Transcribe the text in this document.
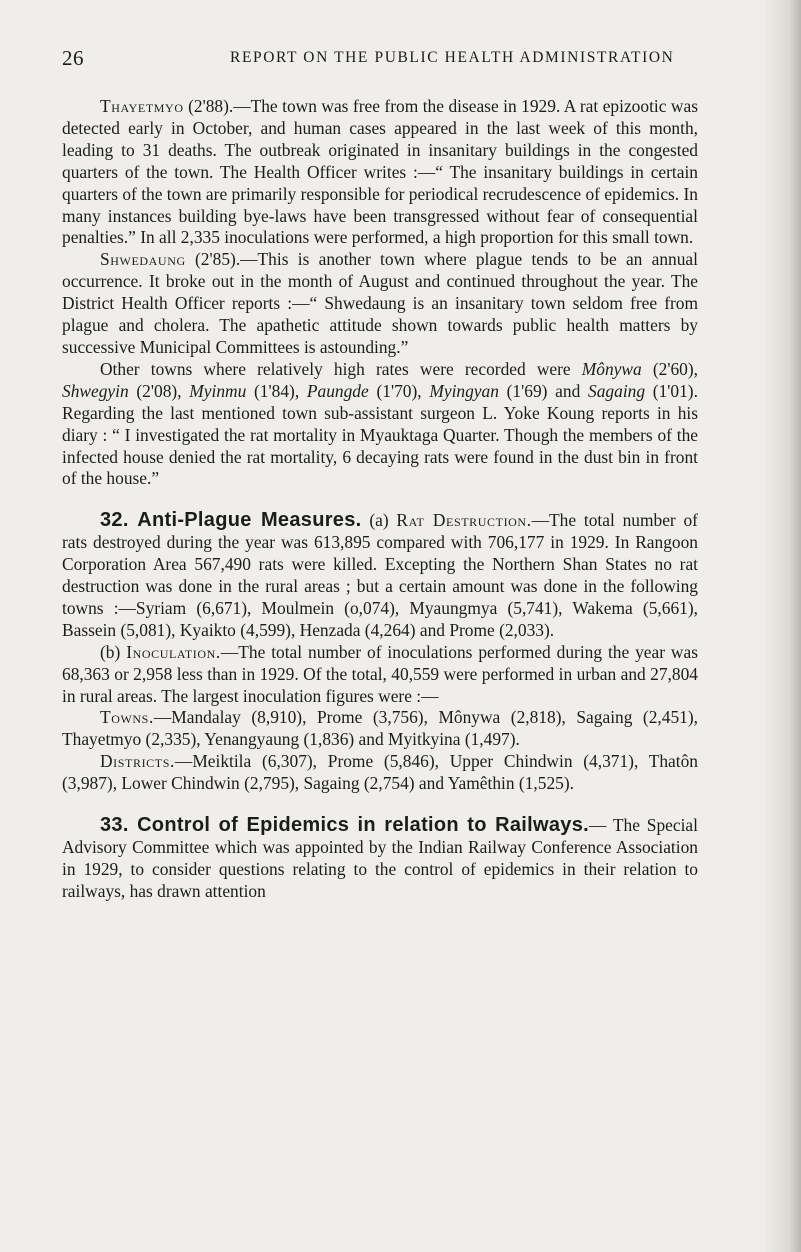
26	REPORT ON THE PUBLIC HEALTH ADMINISTRATION

Thayetmyo (2'88).—The town was free from the disease in 1929. A rat epizootic was detected early in October, and human cases appeared in the last week of this month, leading to 31 deaths. The outbreak originated in insanitary buildings in the congested quarters of the town. The Health Officer writes :—“ The insanitary buildings in certain quarters of the town are primarily responsible for periodical recrudescence of epidemics. In many instances building bye-laws have been transgressed without fear of consequential penalties.” In all 2,335 inoculations were performed, a high proportion for this small town.

Shwedaung (2'85).—This is another town where plague tends to be an annual occurrence. It broke out in the month of August and continued throughout the year. The District Health Officer reports :—“ Shwedaung is an insanitary town seldom free from plague and cholera. The apathetic attitude shown towards public health matters by successive Municipal Committees is astounding.”

Other towns where relatively high rates were recorded were Mônywa (2'60), Shwegyin (2'08), Myinmu (1'84), Paungde (1'70), Myingyan (1'69) and Sagaing (1'01). Regarding the last mentioned town sub-assistant surgeon L. Yoke Koung reports in his diary : “ I investigated the rat mortality in Myauktaga Quarter. Though the members of the infected house denied the rat mortality, 6 decaying rats were found in the dust bin in front of the house.”

32. Anti-Plague Measures. (a) Rat Destruction.—The total number of rats destroyed during the year was 613,895 compared with 706,177 in 1929. In Rangoon Corporation Area 567,490 rats were killed. Excepting the Northern Shan States no rat destruction was done in the rural areas ; but a certain amount was done in the following towns :—Syriam (6,671), Moulmein (o,074), Myaungmya (5,741), Wakema (5,661), Bassein (5,081), Kyaikto (4,599), Henzada (4,264) and Prome (2,033).

(b) Inoculation.—The total number of inoculations performed during the year was 68,363 or 2,958 less than in 1929. Of the total, 40,559 were performed in urban and 27,804 in rural areas. The largest inoculation figures were :—

Towns.—Mandalay (8,910), Prome (3,756), Mônywa (2,818), Sagaing (2,451), Thayetmyo (2,335), Yenangyaung (1,836) and Myitkyina (1,497).

Districts.—Meiktila (6,307), Prome (5,846), Upper Chindwin (4,371), Thatôn (3,987), Lower Chindwin (2,795), Sagaing (2,754) and Yamêthin (1,525).

33. Control of Epidemics in relation to Railways.— The Special Advisory Committee which was appointed by the Indian Railway Conference Association in 1929, to consider questions relating to the control of epidemics in their relation to railways, has drawn attention
